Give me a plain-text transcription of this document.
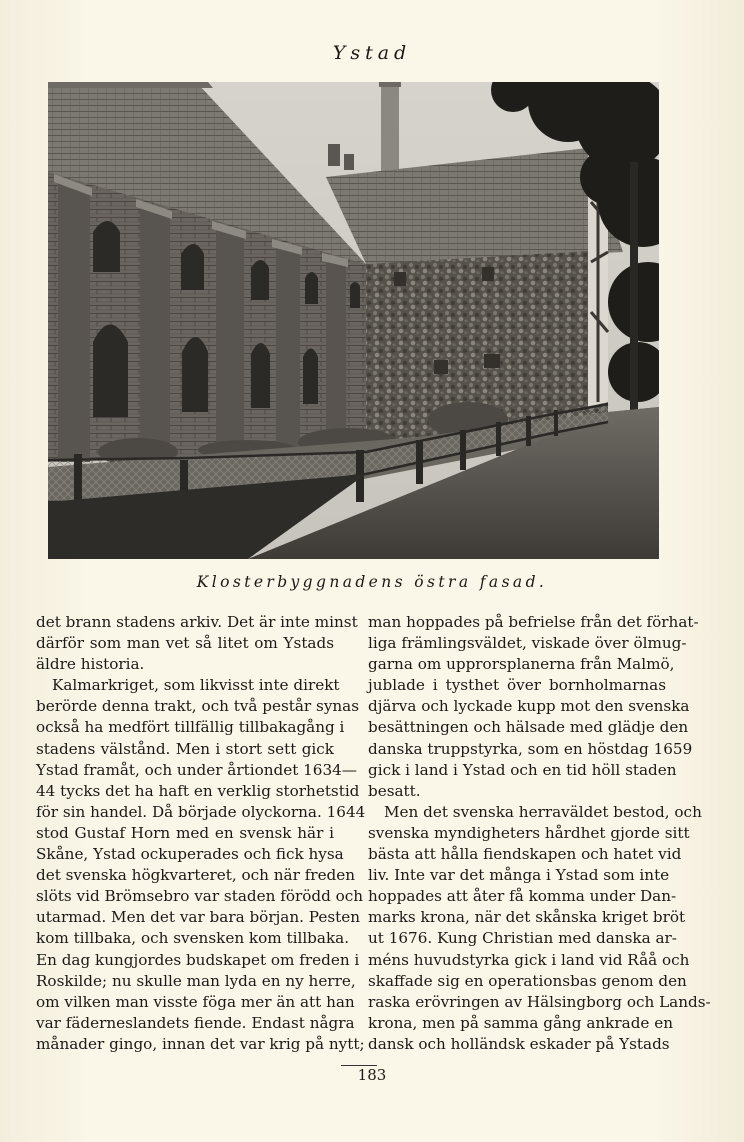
Ystad
Klosterbyggnadens östra fasad.
det brann stadens arkiv. Det är inte minst
därför som man vet så litet om Ystads
äldre historia.
Kalmarkriget, som likvisst inte direkt
berörde denna trakt, och två pestår synas
också ha medfört tillfällig tillbakagång i
stadens välstånd. Men i stort sett gick
Ystad framåt, och under årtiondet 1634—
44 tycks det ha haft en verklig storhetstid
för sin handel. Då började olyckorna. 1644
stod Gustaf Horn med en svensk här i
Skåne, Ystad ockuperades och fick hysa
det svenska högkvarteret, och när freden
slöts vid Brömsebro var staden förödd och
utarmad. Men det var bara början. Pesten
kom tillbaka, och svensken kom tillbaka.
En dag kungjordes budskapet om freden i
Roskilde; nu skulle man lyda en ny herre,
om vilken man visste föga mer än att han
var fäderneslandets fiende. Endast några
månader gingo, innan det var krig på nytt;
man hoppades på befrielse från det förhat-
liga främlingsväldet, viskade över ölmug-
garna om upprorsplanerna från Malmö,
jublade i tysthet över bornholmarnas
djärva och lyckade kupp mot den svenska
besättningen och hälsade med glädje den
danska truppstyrka, som en höstdag 1659
gick i land i Ystad och en tid höll staden
besatt.
Men det svenska herraväldet bestod, och
svenska myndigheters hårdhet gjorde sitt
bästa att hålla fiendskapen och hatet vid
liv. Inte var det många i Ystad som inte
hoppades att åter få komma under Dan-
marks krona, när det skånska kriget bröt
ut 1676. Kung Christian med danska ar-
méns huvudstyrka gick i land vid Råå och
skaffade sig en operationsbas genom den
raska erövringen av Hälsingborg och Lands-
krona, men på samma gång ankrade en
dansk och holländsk eskader på Ystads
183
